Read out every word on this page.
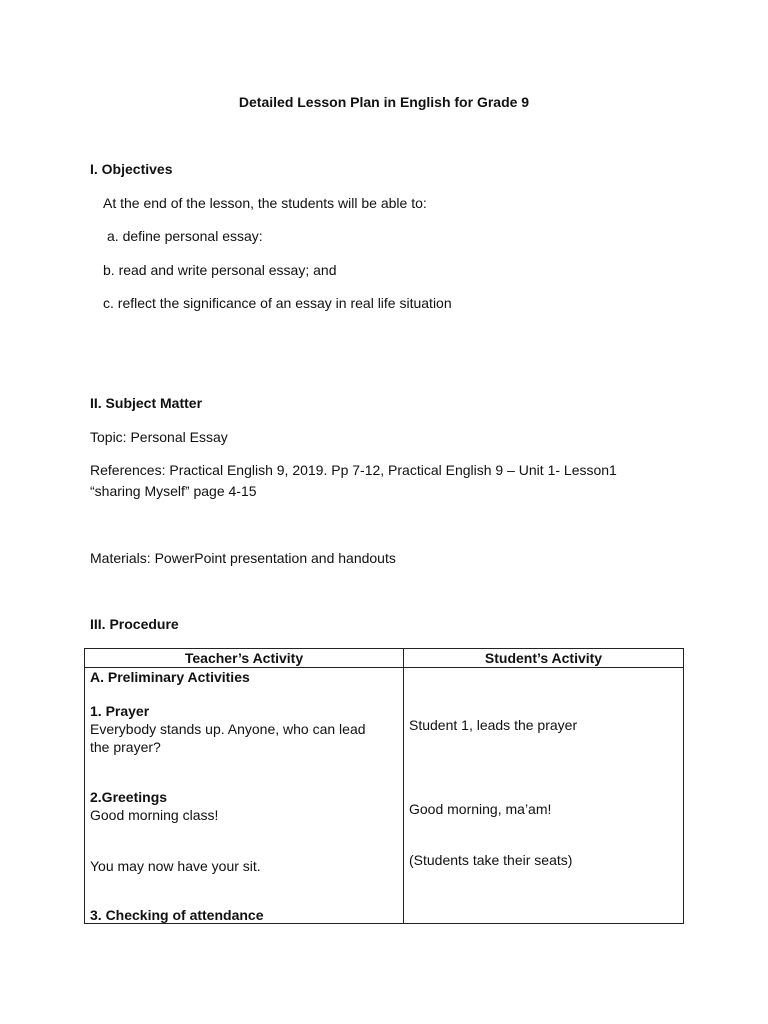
Detailed Lesson Plan in English for Grade 9
I. Objectives
At the end of the lesson, the students will be able to:
a. define personal essay:
b. read and write personal essay; and
c. reflect the significance of an essay in real life situation
II. Subject Matter
Topic: Personal Essay
References: Practical English 9, 2019. Pp 7-12, Practical English 9 – Unit 1- Lesson1
“sharing Myself” page 4-15
Materials: PowerPoint presentation and handouts
III. Procedure
Teacher’s Activity	Student’s Activity
A. Preliminary Activities
1. Prayer
Everybody stands up. Anyone, who can lead
the prayer?
2.Greetings
Good morning class!
You may now have your sit.
3. Checking of attendance
Student 1, leads the prayer
Good morning, ma’am!
(Students take their seats)
